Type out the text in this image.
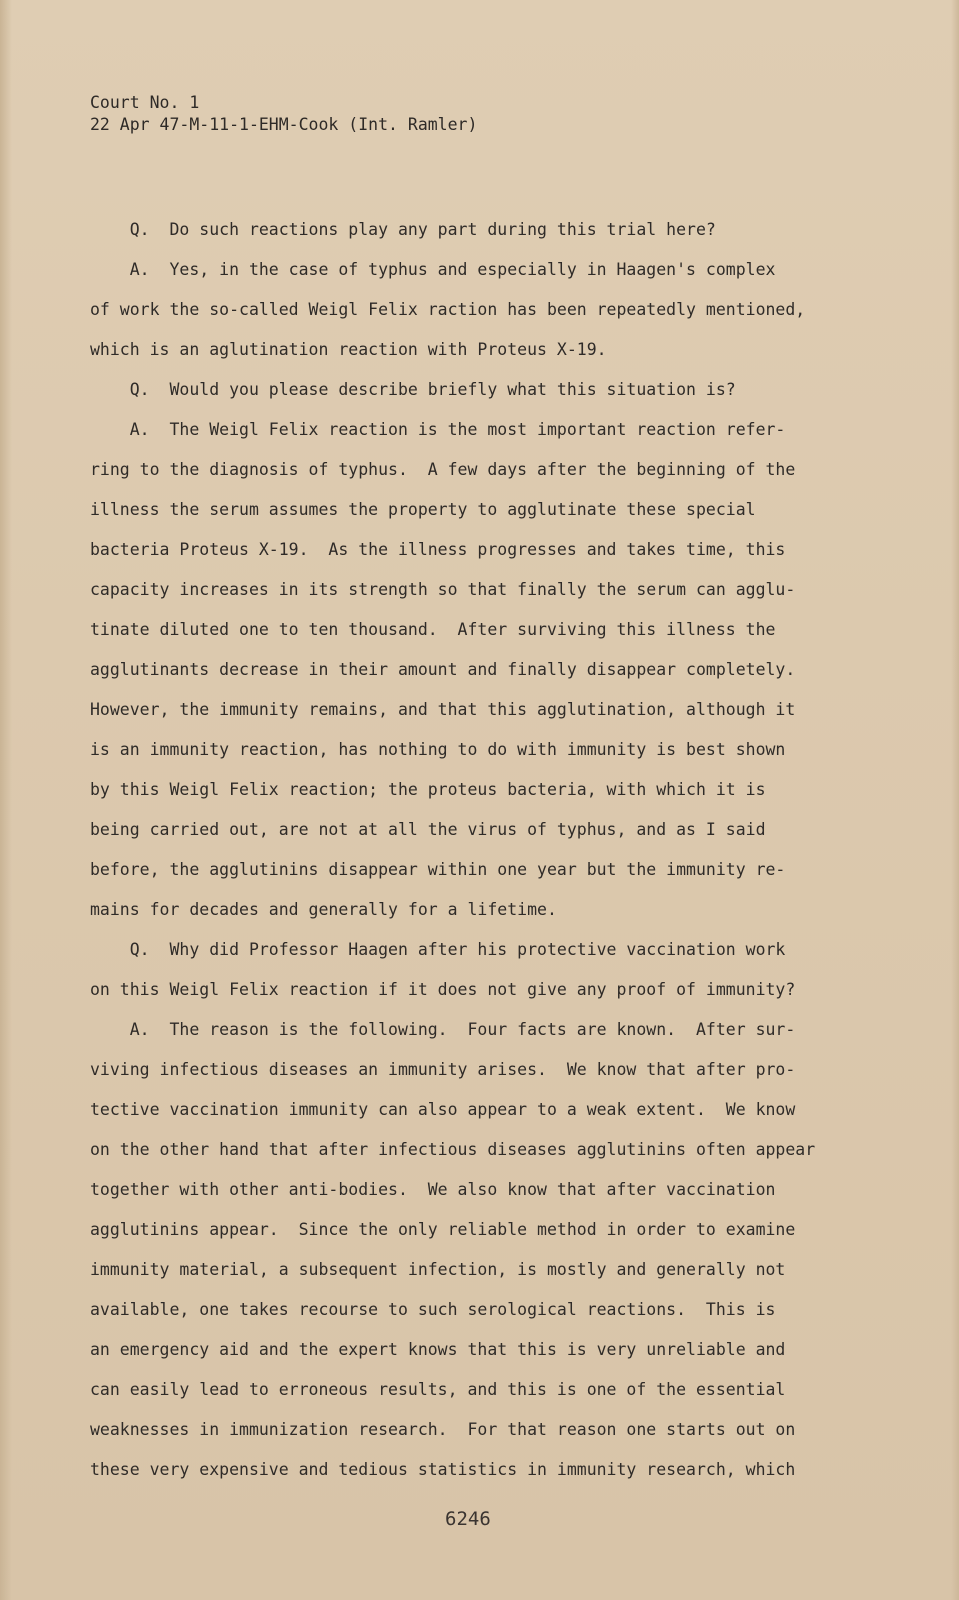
Court No. 1
22 Apr 47-M-11-1-EHM-Cook (Int. Ramler)
Q.  Do such reactions play any part during this trial here?
A.  Yes, in the case of typhus and especially in Haagen's complex
of work the so-called Weigl Felix raction has been repeatedly mentioned,
which is an aglutination reaction with Proteus X-19.
Q.  Would you please describe briefly what this situation is?
A.  The Weigl Felix reaction is the most important reaction refer-
ring to the diagnosis of typhus.  A few days after the beginning of the
illness the serum assumes the property to agglutinate these special
bacteria Proteus X-19.  As the illness progresses and takes time, this
capacity increases in its strength so that finally the serum can agglu-
tinate diluted one to ten thousand.  After surviving this illness the
agglutinants decrease in their amount and finally disappear completely.
However, the immunity remains, and that this agglutination, although it
is an immunity reaction, has nothing to do with immunity is best shown
by this Weigl Felix reaction; the proteus bacteria, with which it is
being carried out, are not at all the virus of typhus, and as I said
before, the agglutinins disappear within one year but the immunity re-
mains for decades and generally for a lifetime.
Q.  Why did Professor Haagen after his protective vaccination work
on this Weigl Felix reaction if it does not give any proof of immunity?
A.  The reason is the following.  Four facts are known.  After sur-
viving infectious diseases an immunity arises.  We know that after pro-
tective vaccination immunity can also appear to a weak extent.  We know
on the other hand that after infectious diseases agglutinins often appear
together with other anti-bodies.  We also know that after vaccination
agglutinins appear.  Since the only reliable method in order to examine
immunity material, a subsequent infection, is mostly and generally not
available, one takes recourse to such serological reactions.  This is
an emergency aid and the expert knows that this is very unreliable and
can easily lead to erroneous results, and this is one of the essential
weaknesses in immunization research.  For that reason one starts out on
these very expensive and tedious statistics in immunity research, which
6246
